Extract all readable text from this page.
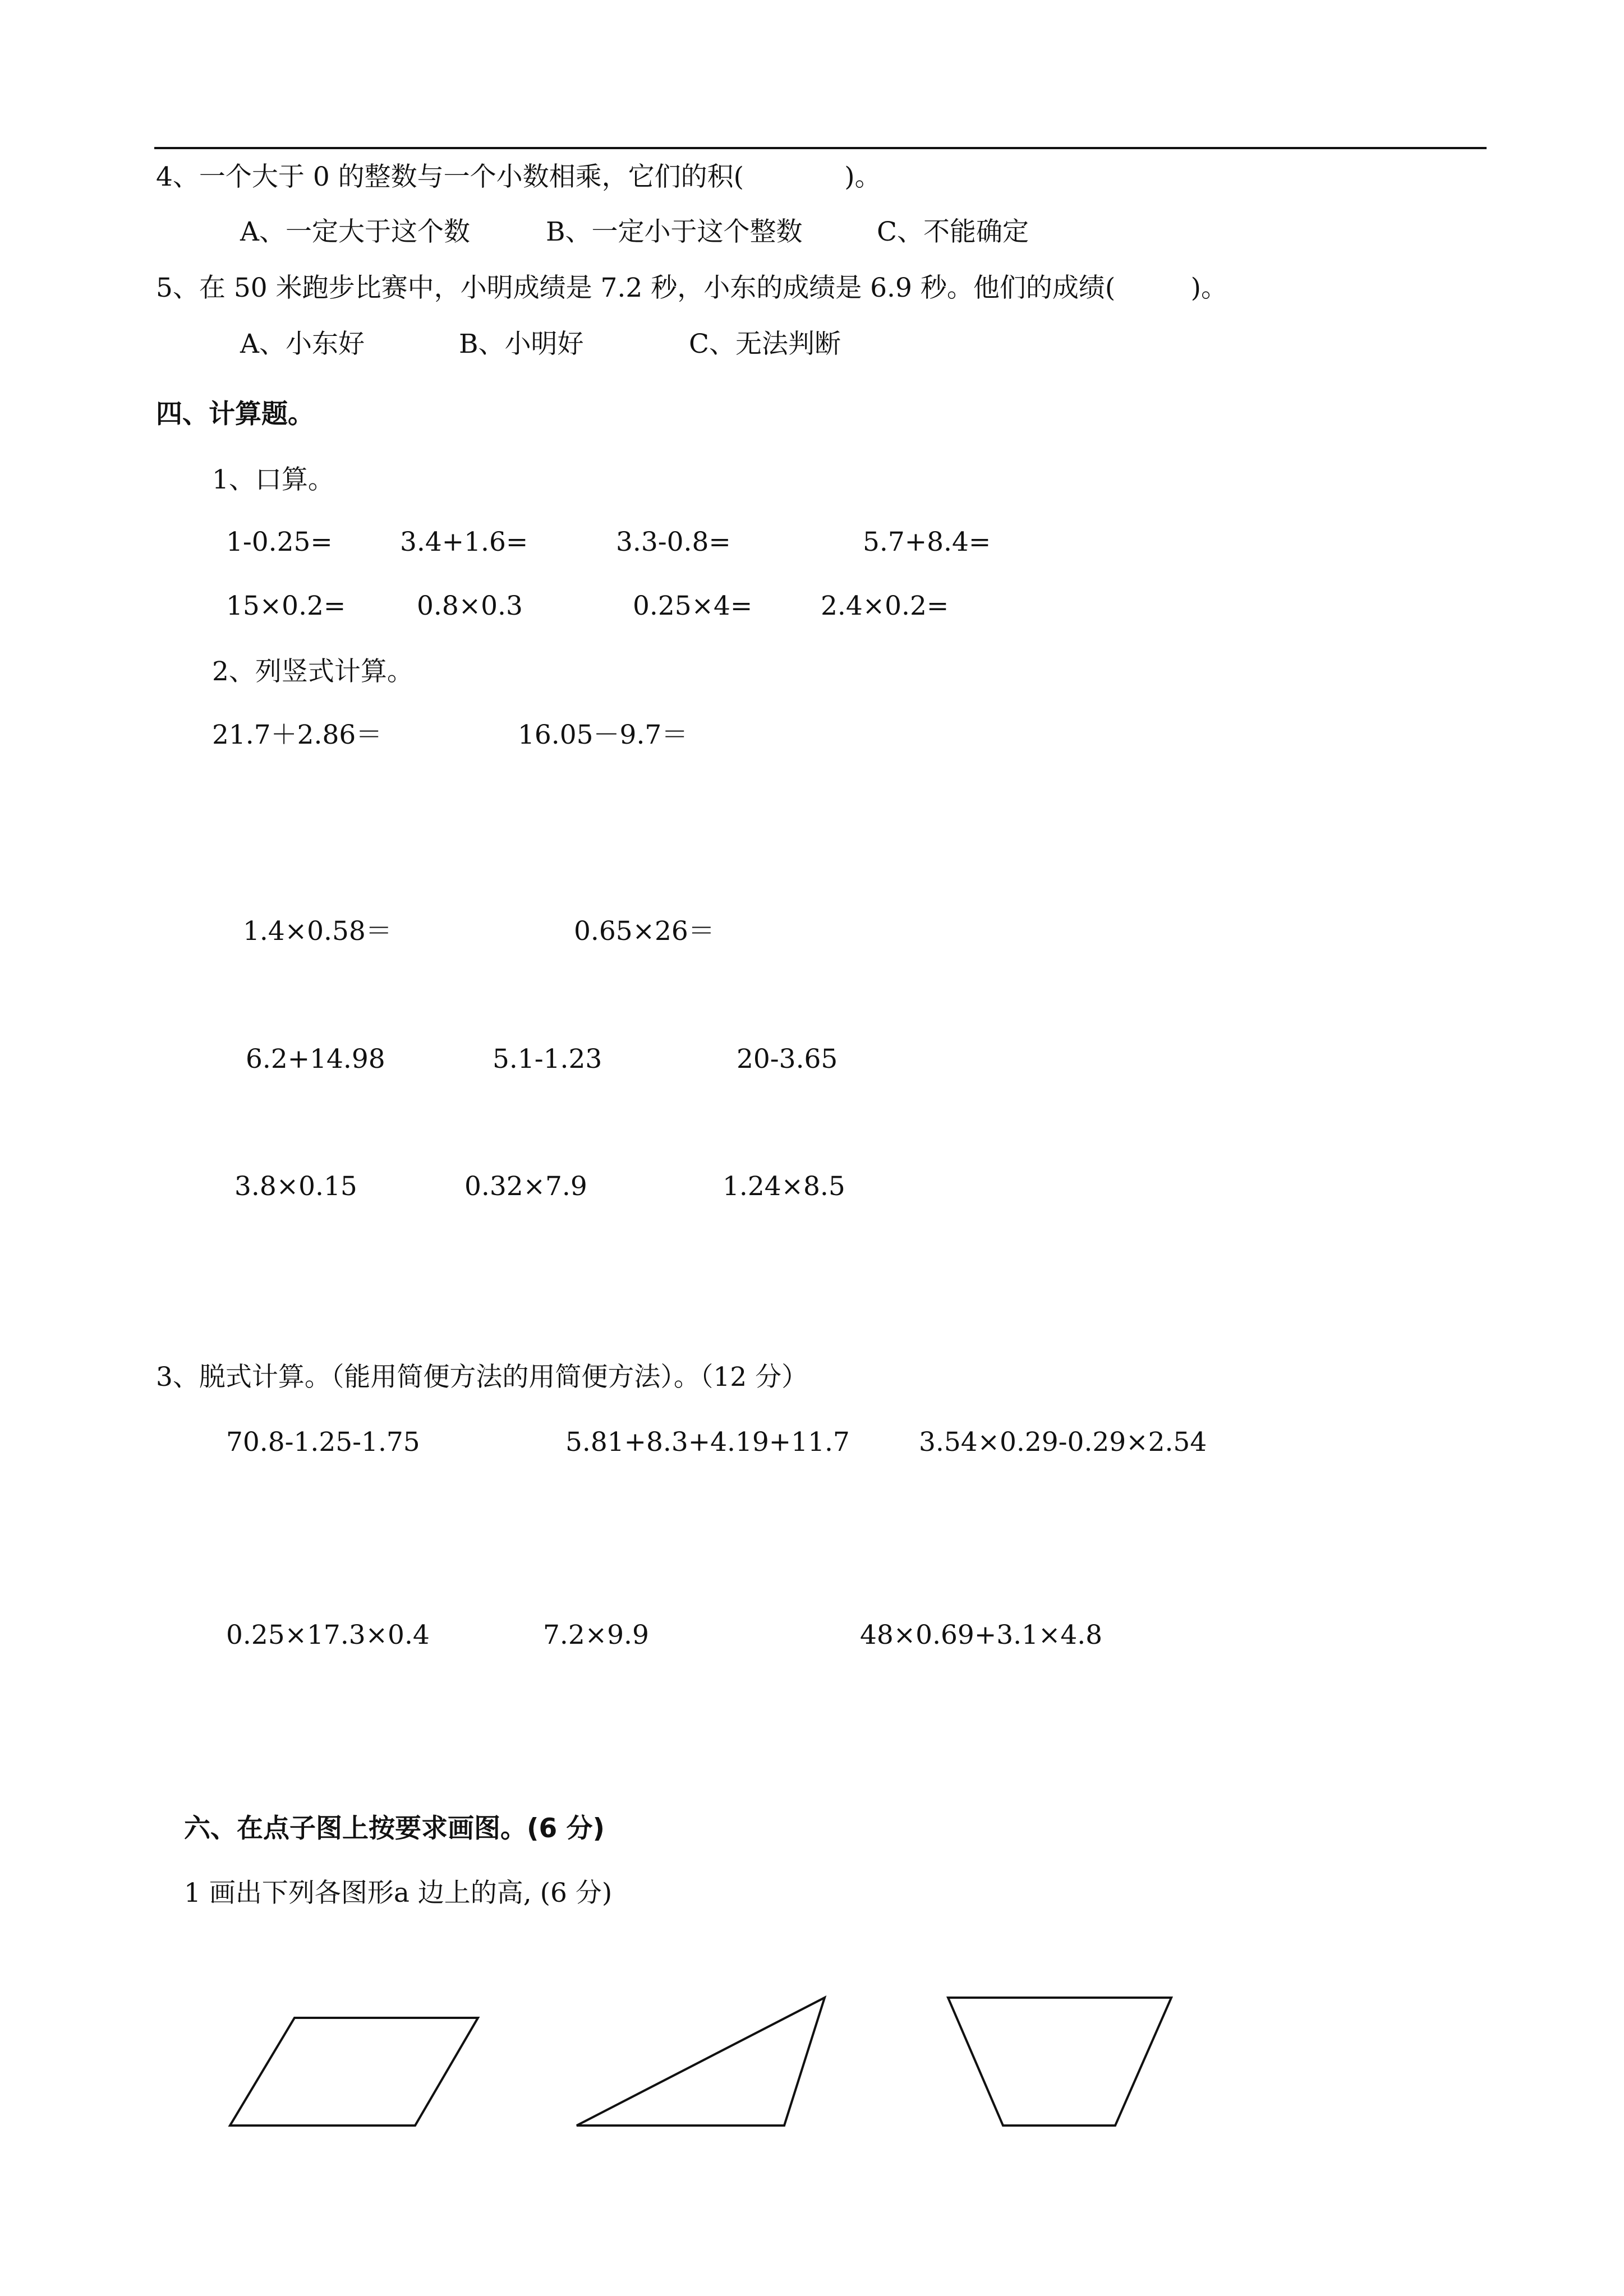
4、一个大于 0 的整数与一个小数相乘，它们的积(            )。
A、一定大于这个数	B、一定小于这个整数	C、不能确定
5、在 50 米跑步比赛中，小明成绩是 7.2 秒，小东的成绩是 6.9 秒。他们的成绩(         )。
A、小东好	B、小明好	C、无法判断
四、计算题。
1、口算。
1-0.25=	3.4+1.6=	3.3-0.8=	5.7+8.4=
15×0.2=	0.8×0.3	0.25×4=	2.4×0.2=
2、列竖式计算。
21.7＋2.86＝	16.05－9.7＝
1.4×0.58＝	0.65×26＝
6.2+14.98	5.1-1.23	20-3.65
3.8×0.15	0.32×7.9	1.24×8.5
3、脱式计算。（能用简便方法的用简便方法）。（12 分）
70.8-1.25-1.75	5.81+8.3+4.19+11.7	3.54×0.29-0.29×2.54
0.25×17.3×0.4	7.2×9.9	48×0.69+3.1×4.8
六、在点子图上按要求画图。(6 分)
1 画出下列各图形a 边上的高, (6 分)
